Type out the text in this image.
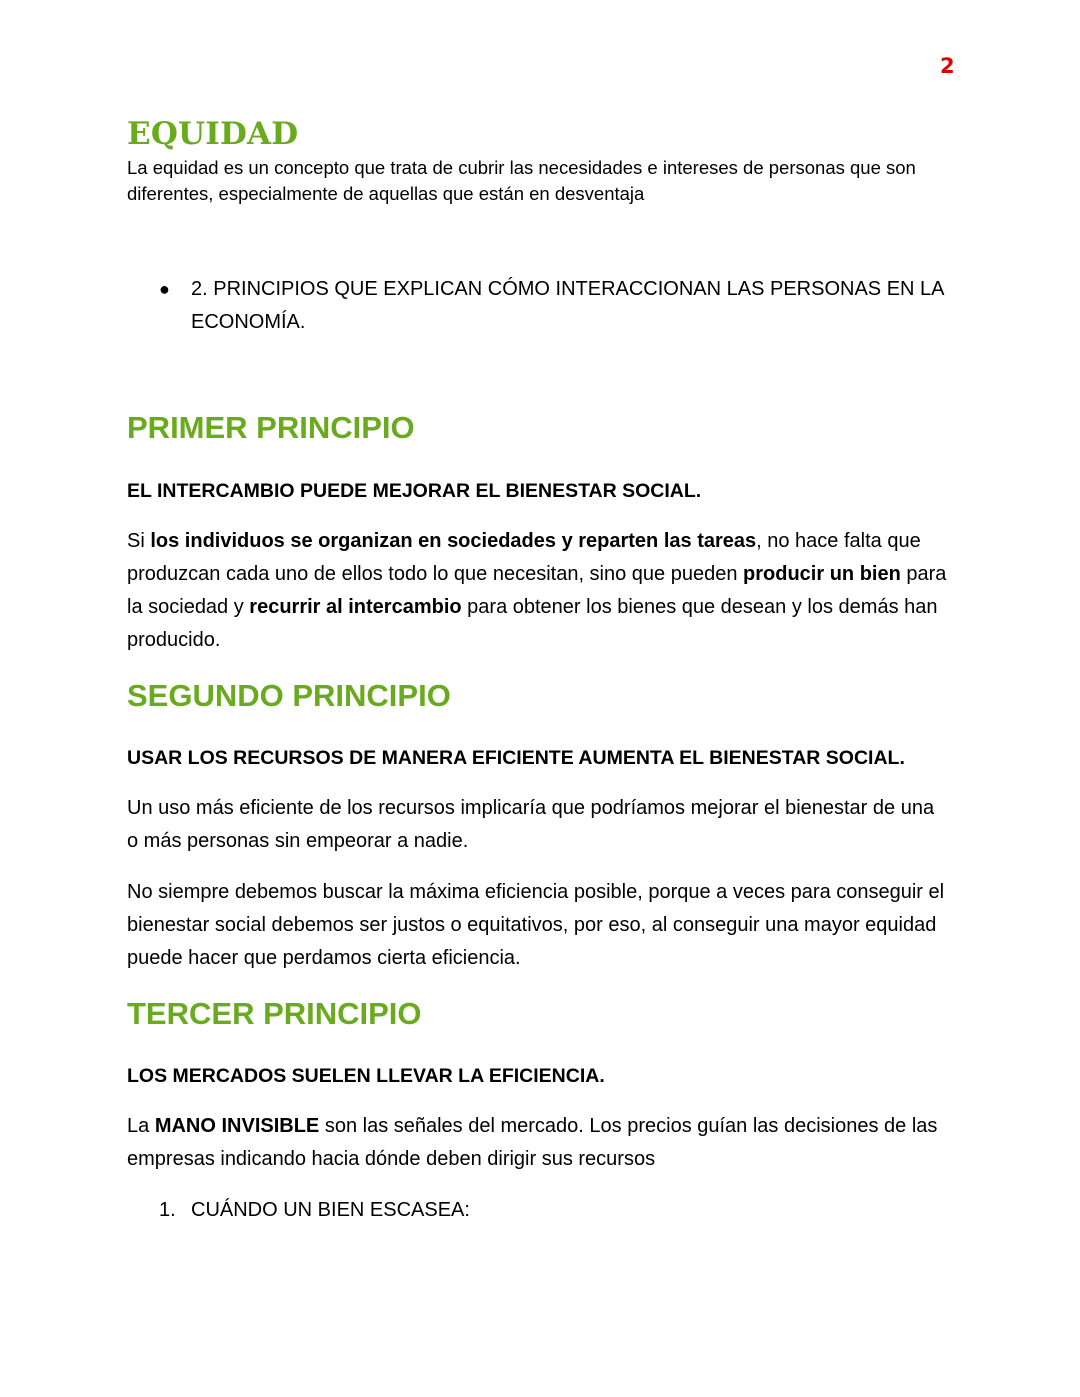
2
EQUIDAD

La equidad es un concepto que trata de cubrir las necesidades e intereses de personas que son diferentes, especialmente de aquellas que están en desventaja

●	2. PRINCIPIOS QUE EXPLICAN CÓMO INTERACCIONAN LAS PERSONAS EN LA ECONOMÍA.
PRIMER PRINCIPIO

EL INTERCAMBIO PUEDE MEJORAR EL BIENESTAR SOCIAL.

Si los individuos se organizan en sociedades y reparten las tareas, no hace falta que produzcan cada uno de ellos todo lo que necesitan, sino que pueden producir un bien para la sociedad y recurrir al intercambio para obtener los bienes que desean y los demás han producido.

SEGUNDO PRINCIPIO

USAR LOS RECURSOS DE MANERA EFICIENTE AUMENTA EL BIENESTAR SOCIAL.

Un uso más eficiente de los recursos implicaría que podríamos mejorar el bienestar de una o más personas sin empeorar a nadie.

No siempre debemos buscar la máxima eficiencia posible, porque a veces para conseguir el bienestar social debemos ser justos o equitativos, por eso, al conseguir una mayor equidad puede hacer que perdamos cierta eficiencia.

TERCER PRINCIPIO

LOS MERCADOS SUELEN LLEVAR LA EFICIENCIA.

La MANO INVISIBLE son las señales del mercado. Los precios guían las decisiones de las empresas indicando hacia dónde deben dirigir sus recursos

1. CUÁNDO UN BIEN ESCASEA:
